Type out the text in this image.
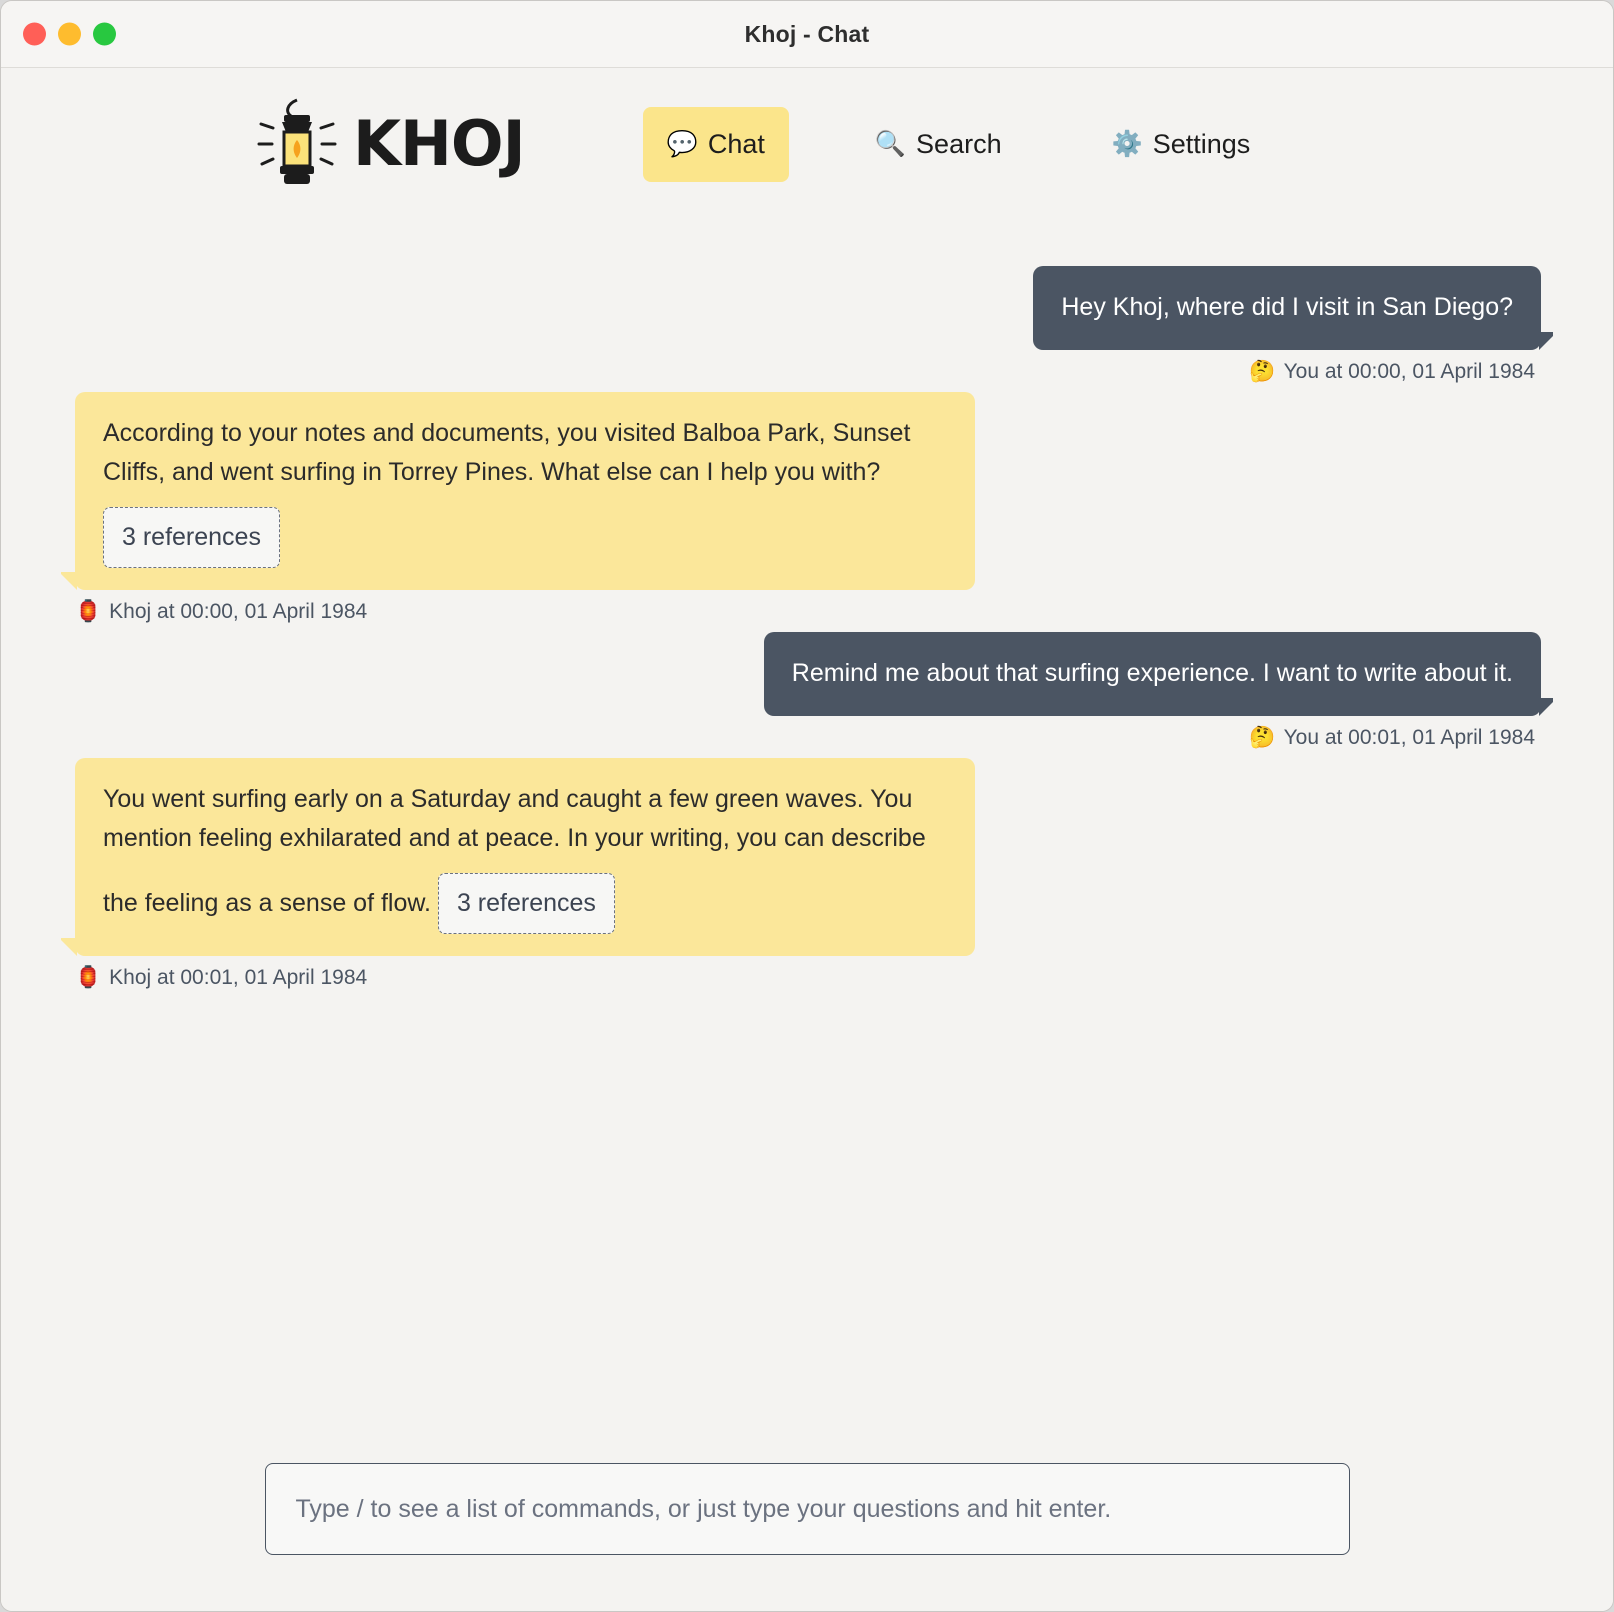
Khoj - Chat
KHOJ	💬 Chat	🔍 Search	⚙️ Settings
Hey Khoj, where did I visit in San Diego?
🤔 You at 00:00, 01 April 1984
According to your notes and documents, you visited Balboa Park, Sunset Cliffs, and went surfing in Torrey Pines. What else can I help you with? 3 references
🏮 Khoj at 00:00, 01 April 1984
Remind me about that surfing experience. I want to write about it.
🤔 You at 00:01, 01 April 1984
You went surfing early on a Saturday and caught a few green waves. You mention feeling exhilarated and at peace. In your writing, you can describe the feeling as a sense of flow. 3 references
🏮 Khoj at 00:01, 01 April 1984
Type / to see a list of commands, or just type your questions and hit enter.
